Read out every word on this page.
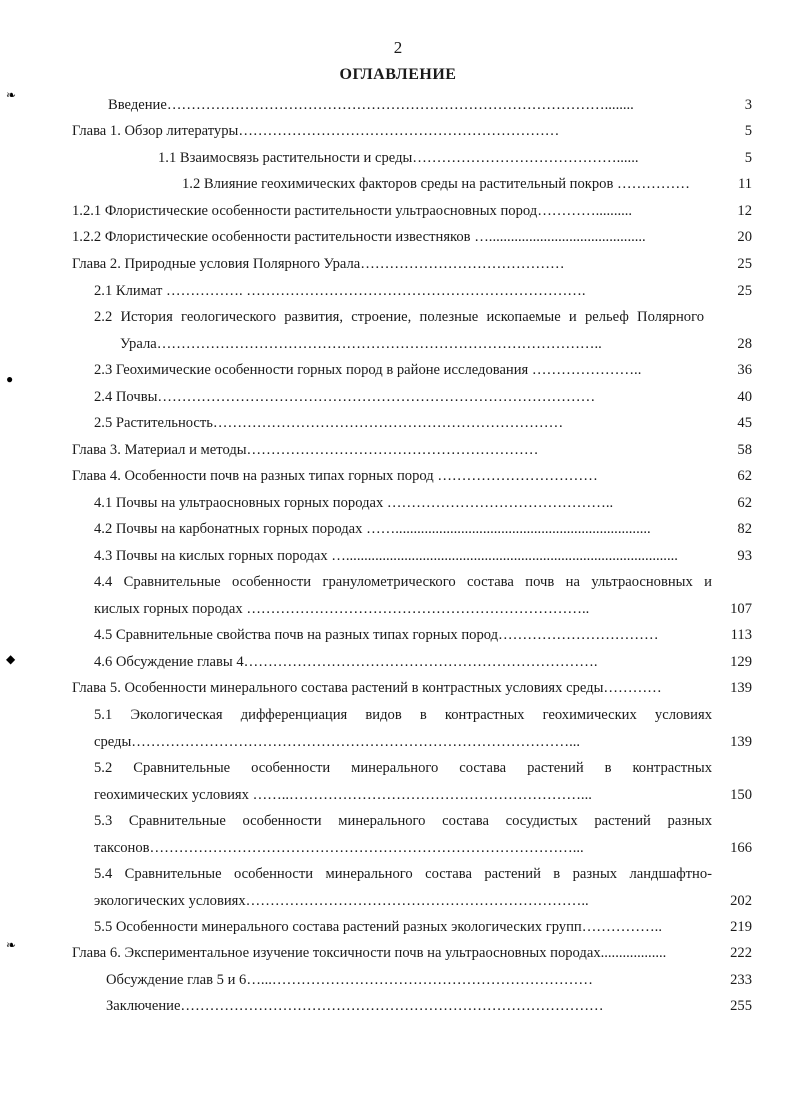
2
ОГЛАВЛЕНИЕ
Введение………………………………………………………………………………........	3
Глава 1. Обзор литературы…………………………………………………………	5
1.1 Взаимосвязь растительности и среды……………………………………......	5
1.2 Влияние геохимических факторов среды на растительный покров ……………	11
1.2.1 Флористические особенности растительности ультраосновных пород…………..........	12
1.2.2 Флористические особенности растительности известняков …...........................................	20
Глава 2. Природные условия Полярного Урала……………………………………	25
2.1 Климат ……………. …………………………………………………………….	25
2.2 История геологического развития, строение, полезные ископаемые и рельеф Полярного
Урала………………………………………………………………………………..	28
2.3 Геохимические особенности горных пород в районе исследования …………………..	36
2.4 Почвы………………………………………………………………………………	40
2.5 Растительность………………………………………………………………	45
Глава 3. Материал и методы……………………………………………………	58
Глава 4. Особенности почв на разных типах горных пород ……………………………	62
4.1 Почвы на ультраосновных горных породах ………………………………………..	62
4.2 Почвы на карбонатных горных породах ……......................................................................	82
4.3 Почвы на кислых горных породах …...........................................................................................	93
4.4 Сравнительные особенности гранулометрического состава почв на ультраосновных и
кислых горных породах ……………………………………………………………..	107
4.5 Сравнительные свойства почв на разных типах горных пород……………………………	113
4.6 Обсуждение главы 4……………………………………………………………….	129
Глава 5. Особенности минерального состава растений в контрастных условиях среды…………	139
5.1 Экологическая дифференциация видов в контрастных геохимических условиях
среды………………………………………………………………………………...	139
5.2 Сравнительные особенности минерального состава растений в контрастных
геохимических условиях ……..……………………………………………………...	150
5.3 Сравнительные особенности минерального состава сосудистых растений разных
таксонов……………………………………………………………………………...	166
5.4 Сравнительные особенности минерального состава растений в разных ландшафтно-
экологических условиях……………………………………………………………..	202
5.5 Особенности минерального состава растений разных экологических групп……………..	219
Глава 6. Экспериментальное изучение токсичности почв на ультраосновных породах..................	222
Обсуждение глав 5 и 6…...…………………………………………………………	233
Заключение……………………………………………………………………………	255
❧
●
◆
❧
